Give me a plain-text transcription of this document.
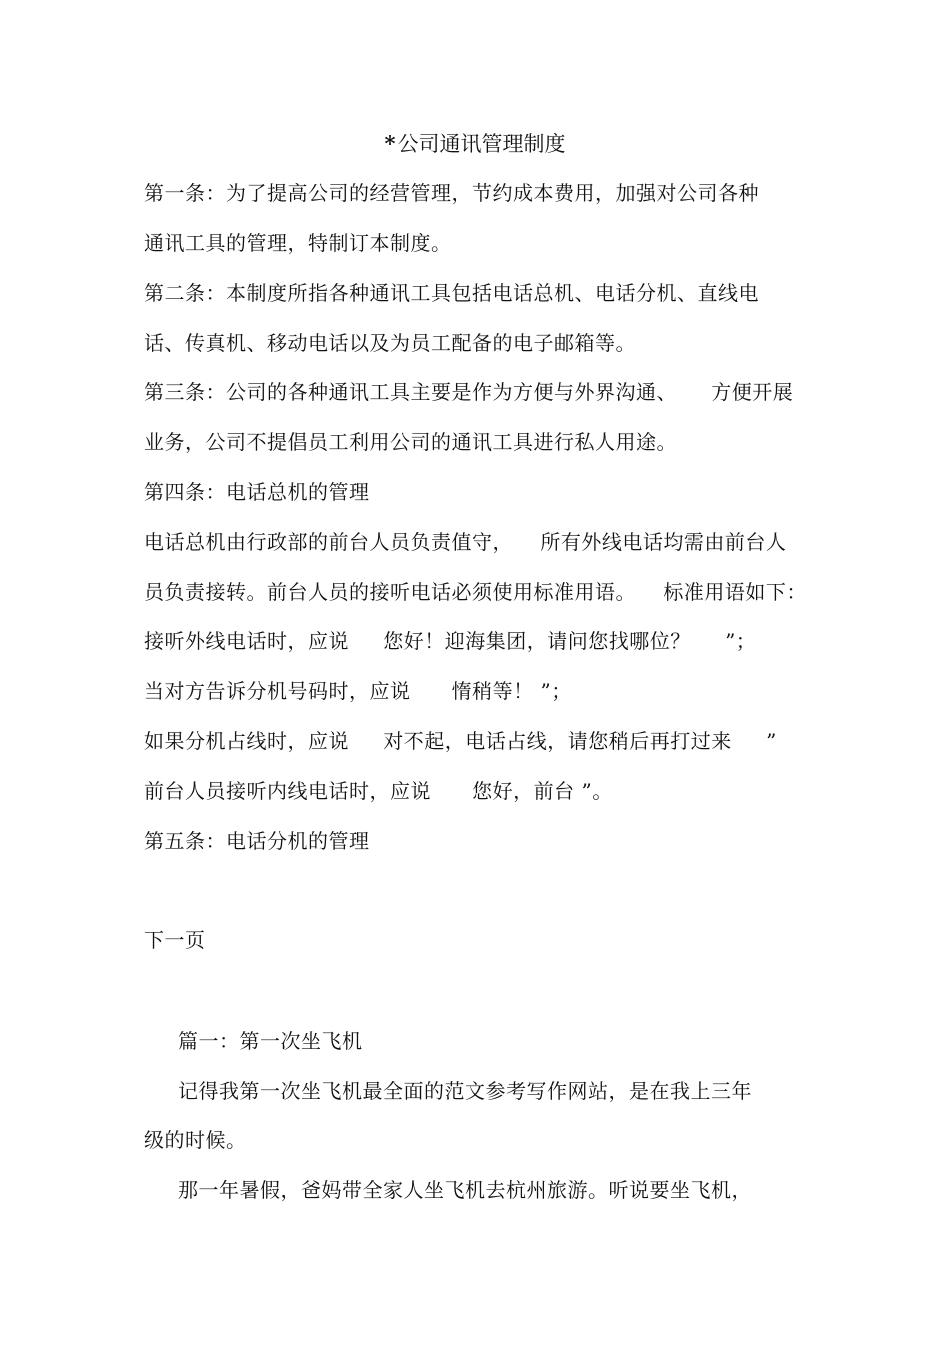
*公司通讯管理制度
第一条：为了提高公司的经营管理，节约成本费用，加强对公司各种
通讯工具的管理，特制订本制度。
第二条：本制度所指各种通讯工具包括电话总机、电话分机、直线电
话、传真机、移动电话以及为员工配备的电子邮箱等。
第三条：公司的各种通讯工具主要是作为方便与外界沟通、     方便开展
业务，公司不提倡员工利用公司的通讯工具进行私人用途。
第四条：电话总机的管理
电话总机由行政部的前台人员负责值守，    所有外线电话均需由前台人
员负责接转。前台人员的接听电话必须使用标准用语。    标准用语如下：
接听外线电话时，应说     您好！迎海集团，请问您找哪位？     ”；
当对方告诉分机号码时，应说      惰稍等！ ”；
如果分机占线时，应说     对不起，电话占线，请您稍后再打过来     ”
前台人员接听内线电话时，应说      您好，前台 ”。
第五条：电话分机的管理
下一页
篇一：第一次坐飞机
记得我第一次坐飞机最全面的范文参考写作网站，是在我上三年
级的时候。
那一年暑假，爸妈带全家人坐飞机去杭州旅游。听说要坐飞机，
